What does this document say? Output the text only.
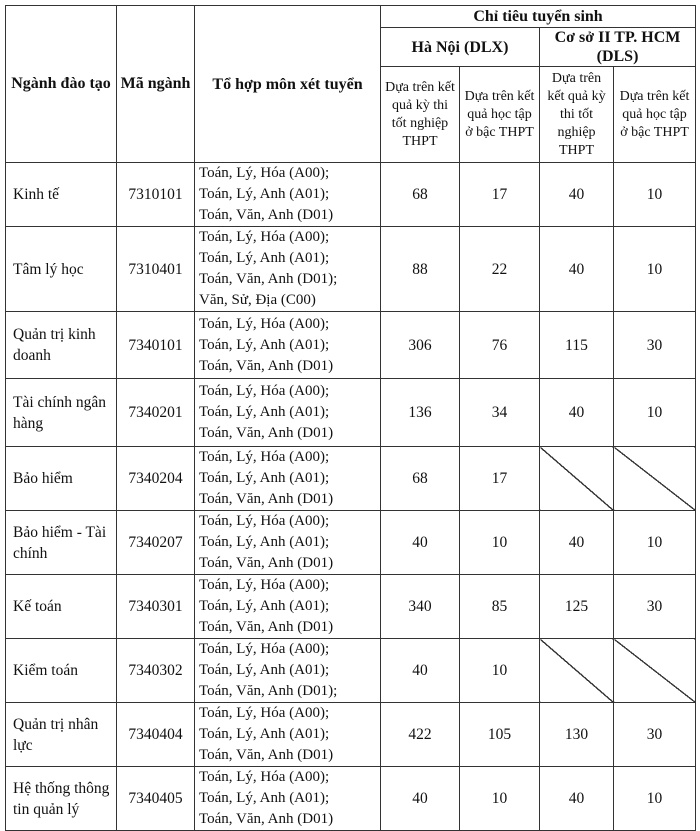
Ngành đào tạo	Mã ngành	Tổ hợp môn xét tuyển	Chỉ tiêu tuyển sinh			
			Hà Nội (DLX)		Cơ sở II TP. HCM
(DLS)	
			Dựa trên kết quả kỳ thi tốt nghiệp THPT	Dựa trên kết quả học tập ở bậc THPT	Dựa trên kết quả kỳ thi tốt nghiệp THPT	Dựa trên kết quả học tập ở bậc THPT
Kinh tế	7310101	Toán, Lý, Hóa (A00);
Toán, Lý, Anh (A01);
Toán, Văn, Anh (D01)	68	17	40	10
Tâm lý học	7310401	Toán, Lý, Hóa (A00);
Toán, Lý, Anh (A01);
Toán, Văn, Anh (D01);
Văn, Sử, Địa (C00)	88	22	40	10
Quản trị kinh doanh	7340101	Toán, Lý, Hóa (A00);
Toán, Lý, Anh (A01);
Toán, Văn, Anh (D01)	306	76	115	30
Tài chính ngân hàng	7340201	Toán, Lý, Hóa (A00);
Toán, Lý, Anh (A01);
Toán, Văn, Anh (D01)	136	34	40	10
Bảo hiểm	7340204	Toán, Lý, Hóa (A00);
Toán, Lý, Anh (A01);
Toán, Văn, Anh (D01)	68	17		
Bảo hiểm - Tài chính	7340207	Toán, Lý, Hóa (A00);
Toán, Lý, Anh (A01);
Toán, Văn, Anh (D01)	40	10	40	10
Kế toán	7340301	Toán, Lý, Hóa (A00);
Toán, Lý, Anh (A01);
Toán, Văn, Anh (D01)	340	85	125	30
Kiểm toán	7340302	Toán, Lý, Hóa (A00);
Toán, Lý, Anh (A01);
Toán, Văn, Anh (D01);	40	10		
Quản trị nhân lực	7340404	Toán, Lý, Hóa (A00);
Toán, Lý, Anh (A01);
Toán, Văn, Anh (D01)	422	105	130	30
Hệ thống thông tin quản lý	7340405	Toán, Lý, Hóa (A00);
Toán, Lý, Anh (A01);
Toán, Văn, Anh (D01)	40	10	40	10
